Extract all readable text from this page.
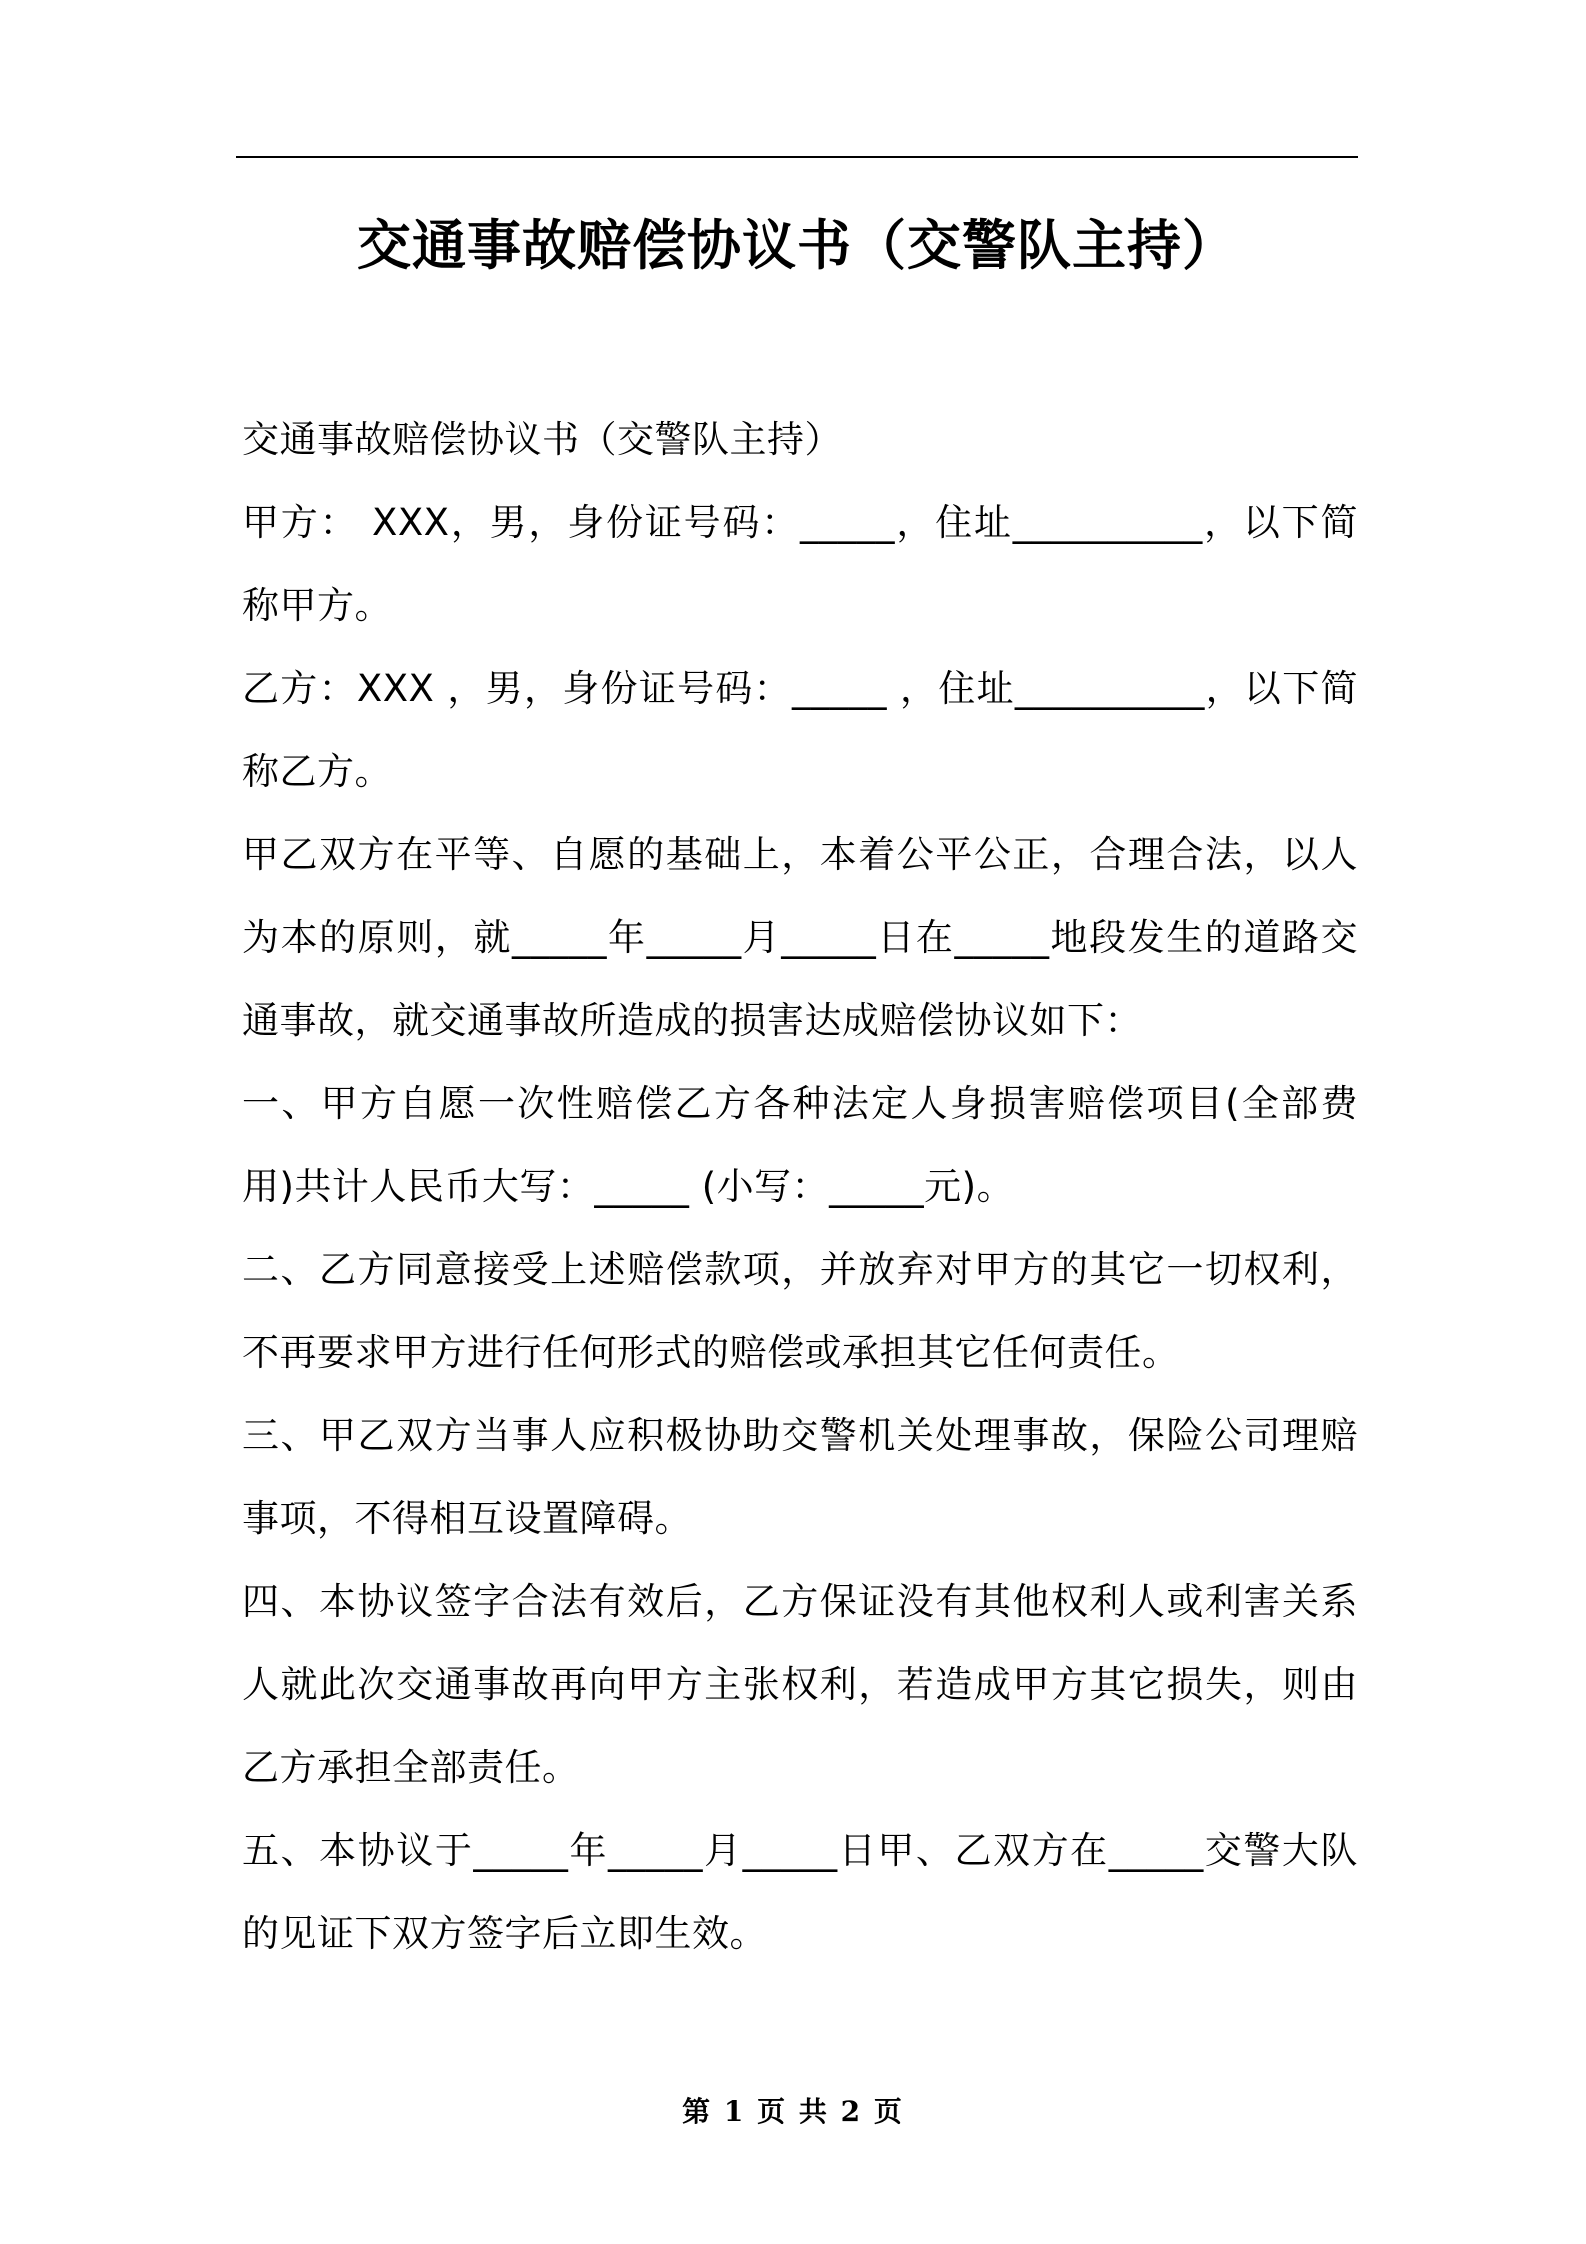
交通事故赔偿协议书（交警队主持）

交通事故赔偿协议书（交警队主持）

甲方： XXX，男，身份证号码：_____，住址__________，以下简称甲方。

乙方：XXX ，男，身份证号码：_____ ，住址__________，以下简称乙方。

甲乙双方在平等、自愿的基础上，本着公平公正，合理合法，以人为本的原则，就_____年_____月_____日在_____地段发生的道路交通事故，就交通事故所造成的损害达成赔偿协议如下：

一、甲方自愿一次性赔偿乙方各种法定人身损害赔偿项目(全部费用)共计人民币大写：_____ (小写：_____元)。

二、乙方同意接受上述赔偿款项，并放弃对甲方的其它一切权利，不再要求甲方进行任何形式的赔偿或承担其它任何责任。

三、甲乙双方当事人应积极协助交警机关处理事故，保险公司理赔事项，不得相互设置障碍。

四、本协议签字合法有效后，乙方保证没有其他权利人或利害关系人就此次交通事故再向甲方主张权利，若造成甲方其它损失，则由乙方承担全部责任。

五、本协议于_____年_____月_____日甲、乙双方在_____交警大队的见证下双方签字后立即生效。

第 1 页 共 2 页
